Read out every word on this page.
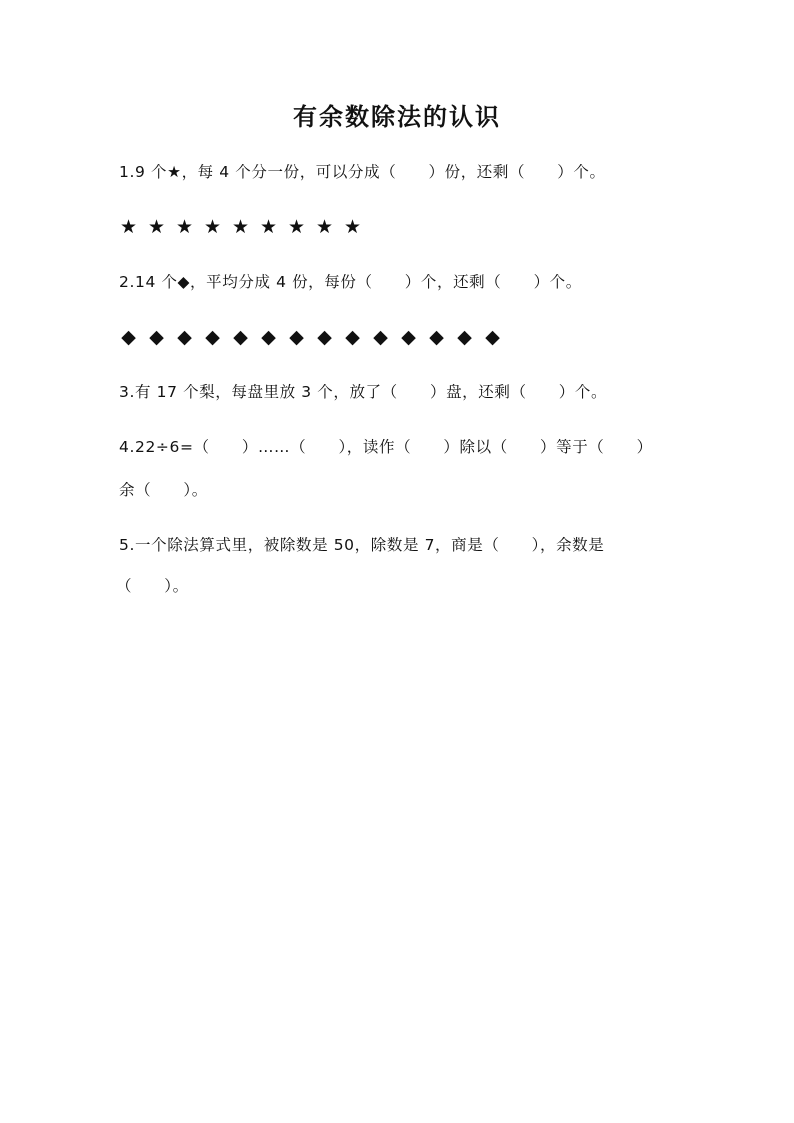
有余数除法的认识
1.9 个★，每 4 个分一份，可以分成（　　）份，还剩（　　）个。
★ ★ ★ ★ ★ ★ ★ ★ ★
2.14 个◆，平均分成 4 份，每份（　　）个，还剩（　　）个。
◆ ◆ ◆ ◆ ◆ ◆ ◆ ◆ ◆ ◆ ◆ ◆ ◆ ◆
3.有 17 个梨，每盘里放 3 个，放了（　　）盘，还剩（　　）个。
4.22÷6=（　　）……（　　），读作（　　）除以（　　）等于（　　）
余（　　）。
5.一个除法算式里，被除数是 50，除数是 7，商是（　　），余数是
（　　）。
